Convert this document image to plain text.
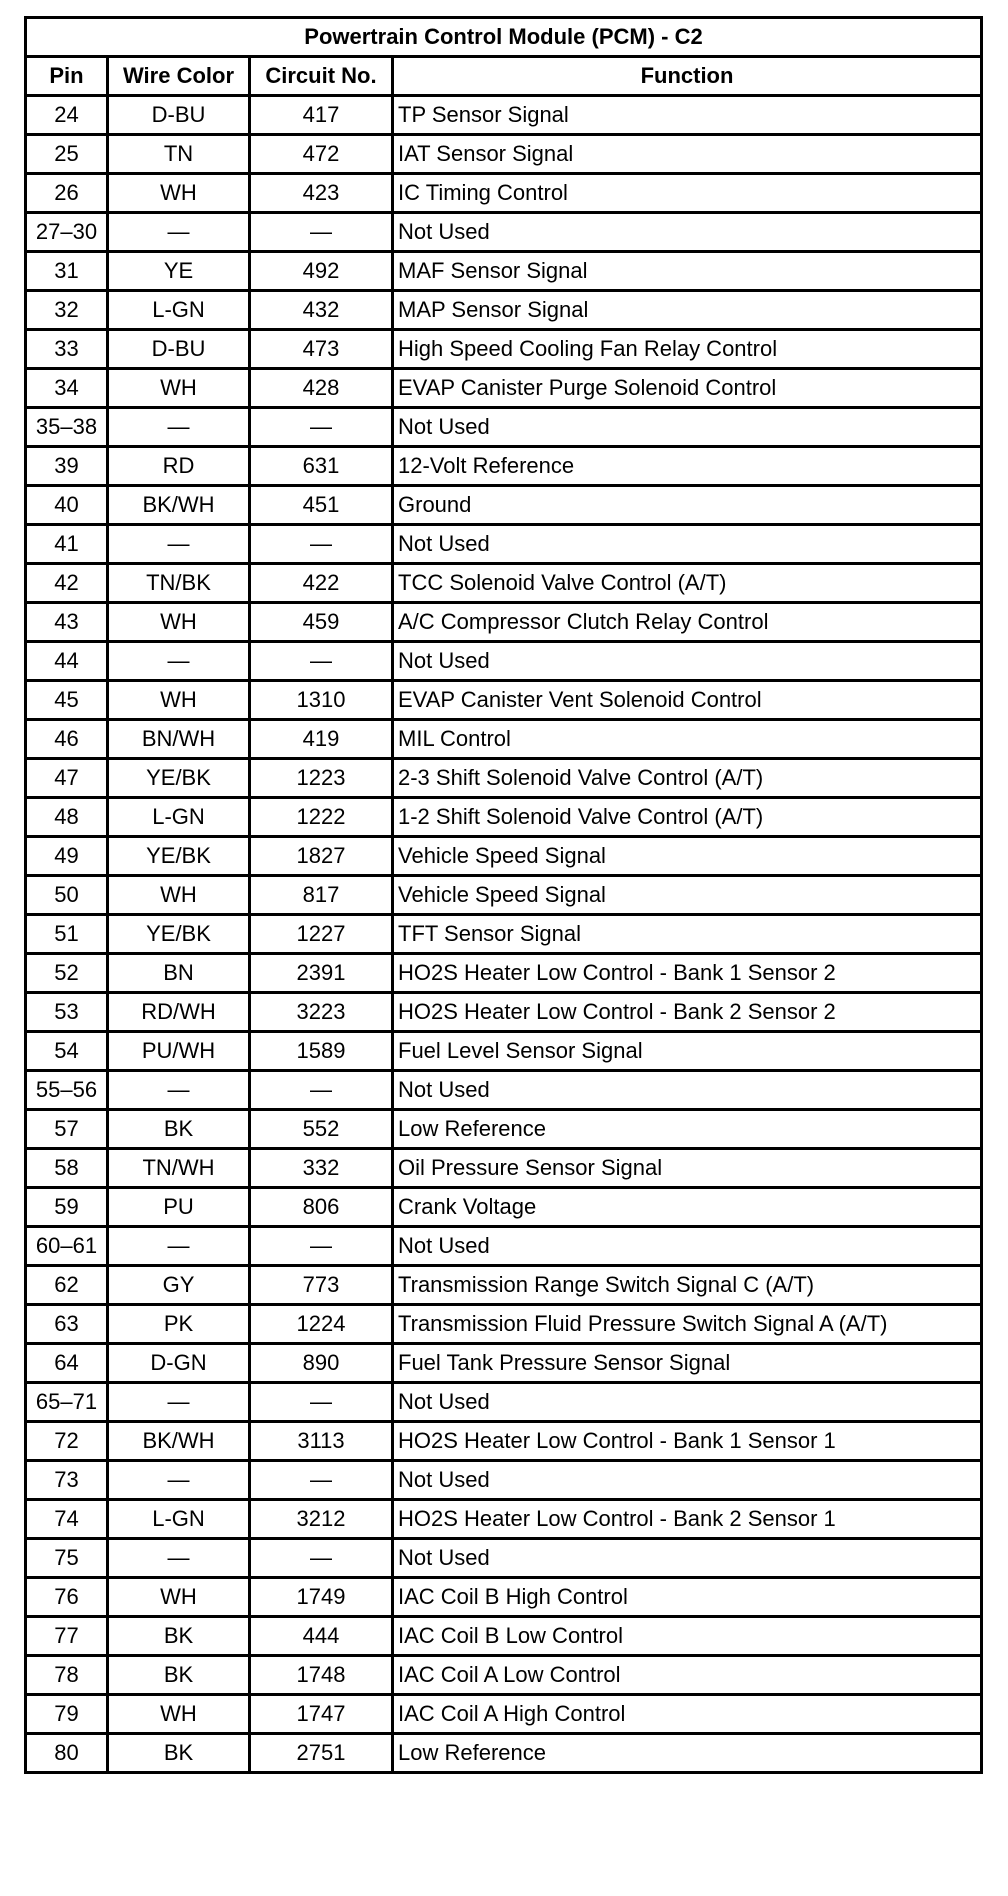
Powertrain Control Module (PCM) - C2			
Pin	Wire Color	Circuit No.	Function
24	D-BU	417	TP Sensor Signal
25	TN	472	IAT Sensor Signal
26	WH	423	IC Timing Control
27–30	—	—	Not Used
31	YE	492	MAF Sensor Signal
32	L-GN	432	MAP Sensor Signal
33	D-BU	473	High Speed Cooling Fan Relay Control
34	WH	428	EVAP Canister Purge Solenoid Control
35–38	—	—	Not Used
39	RD	631	12-Volt Reference
40	BK/WH	451	Ground
41	—	—	Not Used
42	TN/BK	422	TCC Solenoid Valve Control (A/T)
43	WH	459	A/C Compressor Clutch Relay Control
44	—	—	Not Used
45	WH	1310	EVAP Canister Vent Solenoid Control
46	BN/WH	419	MIL Control
47	YE/BK	1223	2-3 Shift Solenoid Valve Control (A/T)
48	L-GN	1222	1-2 Shift Solenoid Valve Control (A/T)
49	YE/BK	1827	Vehicle Speed Signal
50	WH	817	Vehicle Speed Signal
51	YE/BK	1227	TFT Sensor Signal
52	BN	2391	HO2S Heater Low Control - Bank 1 Sensor 2
53	RD/WH	3223	HO2S Heater Low Control - Bank 2 Sensor 2
54	PU/WH	1589	Fuel Level Sensor Signal
55–56	—	—	Not Used
57	BK	552	Low Reference
58	TN/WH	332	Oil Pressure Sensor Signal
59	PU	806	Crank Voltage
60–61	—	—	Not Used
62	GY	773	Transmission Range Switch Signal C (A/T)
63	PK	1224	Transmission Fluid Pressure Switch Signal A (A/T)
64	D-GN	890	Fuel Tank Pressure Sensor Signal
65–71	—	—	Not Used
72	BK/WH	3113	HO2S Heater Low Control - Bank 1 Sensor 1
73	—	—	Not Used
74	L-GN	3212	HO2S Heater Low Control - Bank 2 Sensor 1
75	—	—	Not Used
76	WH	1749	IAC Coil B High Control
77	BK	444	IAC Coil B Low Control
78	BK	1748	IAC Coil A Low Control
79	WH	1747	IAC Coil A High Control
80	BK	2751	Low Reference
